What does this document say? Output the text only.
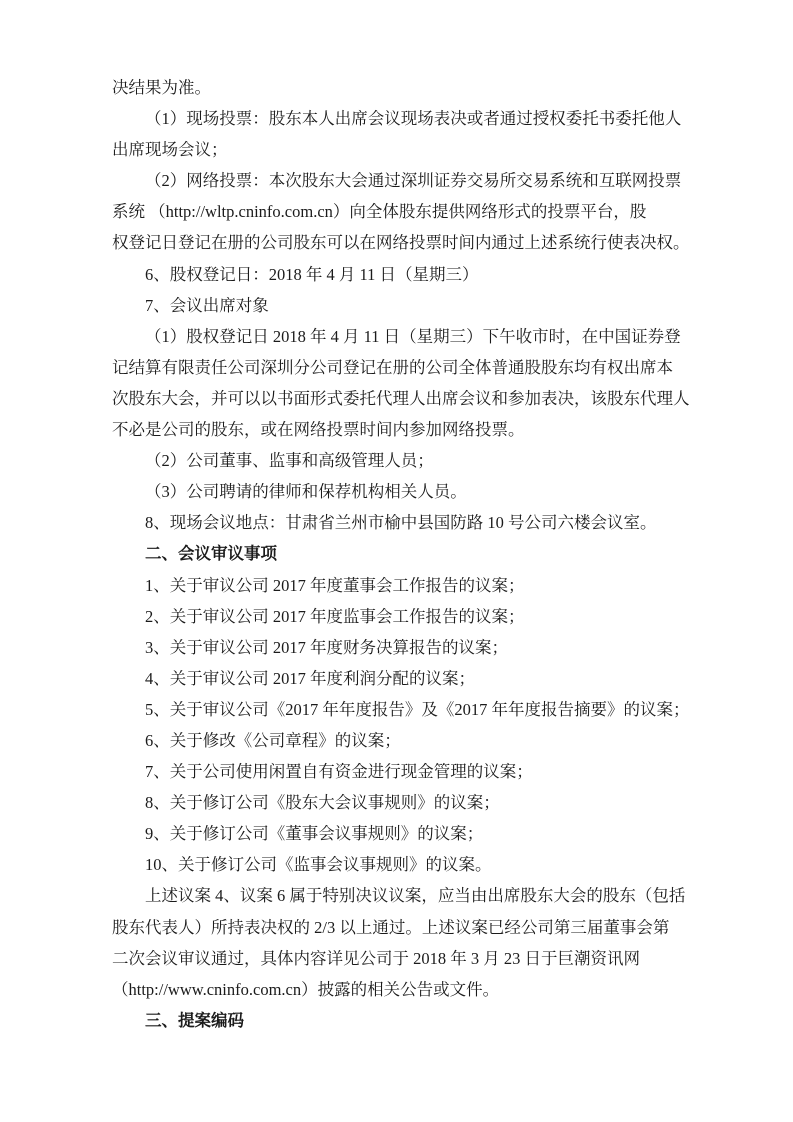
决结果为准。
（1）现场投票：股东本人出席会议现场表决或者通过授权委托书委托他人
出席现场会议；
（2）网络投票：本次股东大会通过深圳证券交易所交易系统和互联网投票
系统 （http://wltp.cninfo.com.cn）向全体股东提供网络形式的投票平台，股
权登记日登记在册的公司股东可以在网络投票时间内通过上述系统行使表决权。
6、股权登记日：2018 年 4 月 11 日（星期三）
7、会议出席对象
（1）股权登记日 2018 年 4 月 11 日（星期三）下午收市时，在中国证券登
记结算有限责任公司深圳分公司登记在册的公司全体普通股股东均有权出席本
次股东大会，并可以以书面形式委托代理人出席会议和参加表决，该股东代理人
不必是公司的股东，或在网络投票时间内参加网络投票。
（2）公司董事、监事和高级管理人员；
（3）公司聘请的律师和保荐机构相关人员。
8、现场会议地点：甘肃省兰州市榆中县国防路 10 号公司六楼会议室。
二、会议审议事项
1、关于审议公司 2017 年度董事会工作报告的议案；
2、关于审议公司 2017 年度监事会工作报告的议案；
3、关于审议公司 2017 年度财务决算报告的议案；
4、关于审议公司 2017 年度利润分配的议案；
5、关于审议公司《2017 年年度报告》及《2017 年年度报告摘要》的议案；
6、关于修改《公司章程》的议案；
7、关于公司使用闲置自有资金进行现金管理的议案；
8、关于修订公司《股东大会议事规则》的议案；
9、关于修订公司《董事会议事规则》的议案；
10、关于修订公司《监事会议事规则》的议案。
上述议案 4、议案 6 属于特别决议议案，应当由出席股东大会的股东（包括
股东代表人）所持表决权的 2/3 以上通过。上述议案已经公司第三届董事会第
二次会议审议通过，具体内容详见公司于 2018 年 3 月 23 日于巨潮资讯网
（http://www.cninfo.com.cn）披露的相关公告或文件。
三、提案编码
